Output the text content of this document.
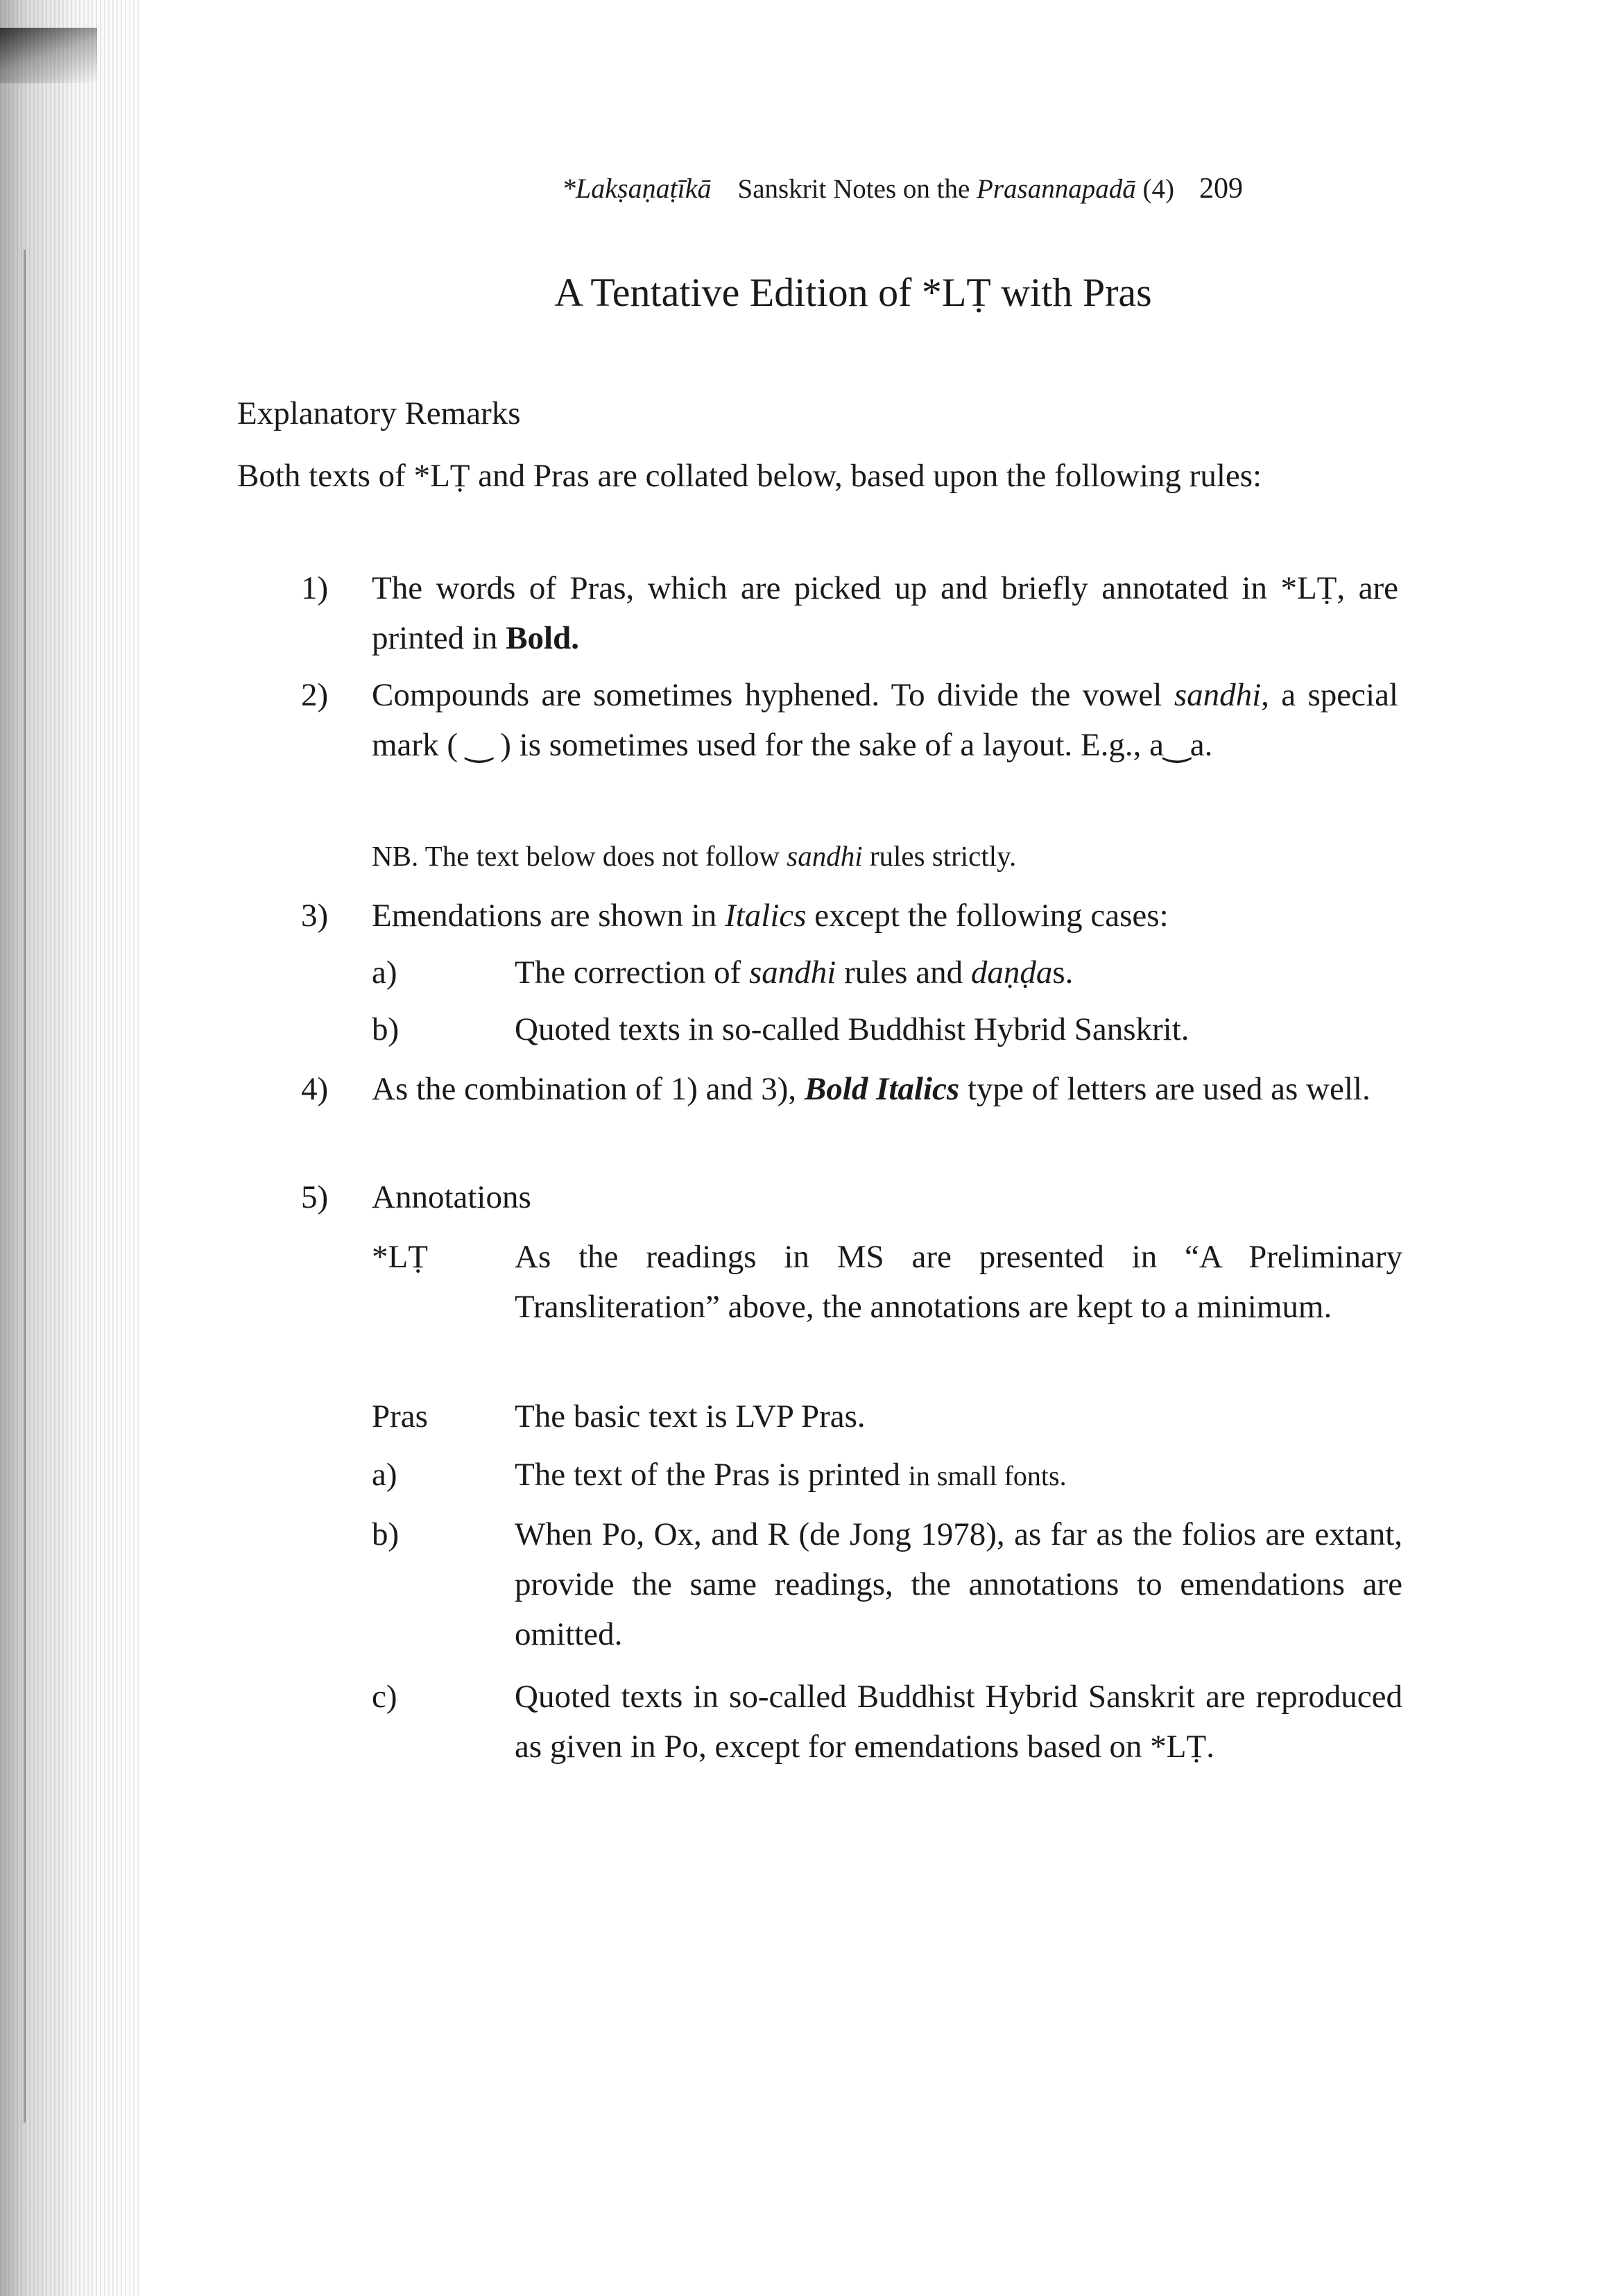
*Lakṣaṇaṭīkā Sanskrit Notes on the Prasannapadā (4) 209
A Tentative Edition of *LṬ with Pras
Explanatory Remarks
Both texts of *LṬ and Pras are collated below, based upon the following rules:
1) The words of Pras, which are picked up and briefly annotated in *LṬ, are printed in Bold.
2) Compounds are sometimes hyphened. To divide the vowel sandhi, a special mark ( ‿ ) is sometimes used for the sake of a layout. E.g., a‿a.
NB. The text below does not follow sandhi rules strictly.
3) Emendations are shown in Italics except the following cases:
a)	The correction of sandhi rules and daṇḍas.
b)	Quoted texts in so-called Buddhist Hybrid Sanskrit.
4) As the combination of 1) and 3), Bold Italics type of letters are used as well.
5) Annotations
*LṬ	As the readings in MS are presented in “A Preliminary Transliteration” above, the annotations are kept to a minimum.
Pras	The basic text is LVP Pras.
a)	The text of the Pras is printed in small fonts.
b)	When Po, Ox, and R (de Jong 1978), as far as the folios are extant, provide the same readings, the annotations to emendations are omitted.
c)	Quoted texts in so-called Buddhist Hybrid Sanskrit are reproduced as given in Po, except for emendations based on *LṬ.
